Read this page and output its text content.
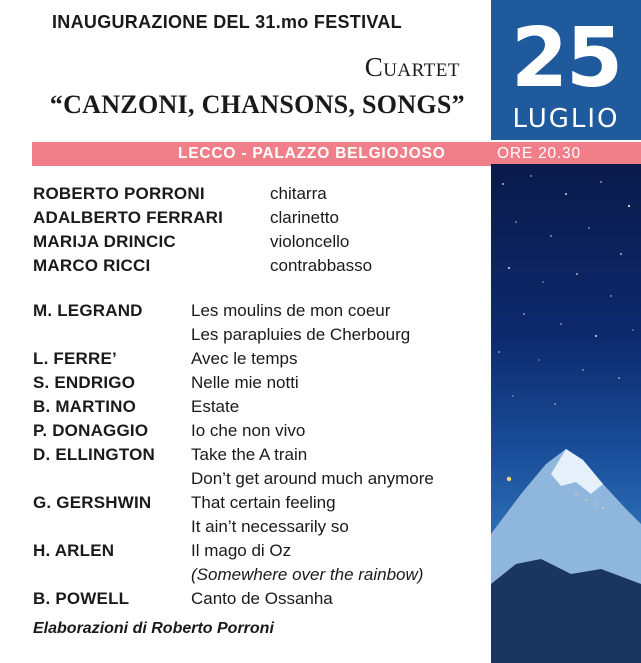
INAUGURAZIONE DEL 31.mo FESTIVAL
Cuartet
“CANZONI, CHANSONS, SONGS” 25
LUGLIO
LECCO - PALAZZO BELGIOJOSO	ORE 20.30
ROBERTO PORRONI	chitarra
ADALBERTO FERRARI	clarinetto
MARIJA DRINCIC	violoncello
MARCO RICCI	contrabbasso
M. LEGRAND	Les moulins de mon coeur
Les parapluies de Cherbourg
L. FERRE’	Avec le temps
S. ENDRIGO	Nelle mie notti
B. MARTINO	Estate
P. DONAGGIO	Io che non vivo
D. ELLINGTON Take the A train
Don’t get around much anymore
G. GERSHWIN That certain feeling
It ain’t necessarily so
H. ARLEN	Il mago di Oz
(Somewhere over the rainbow)
B. POWELL	Canto de Ossanha
Elaborazioni di Roberto Porroni
